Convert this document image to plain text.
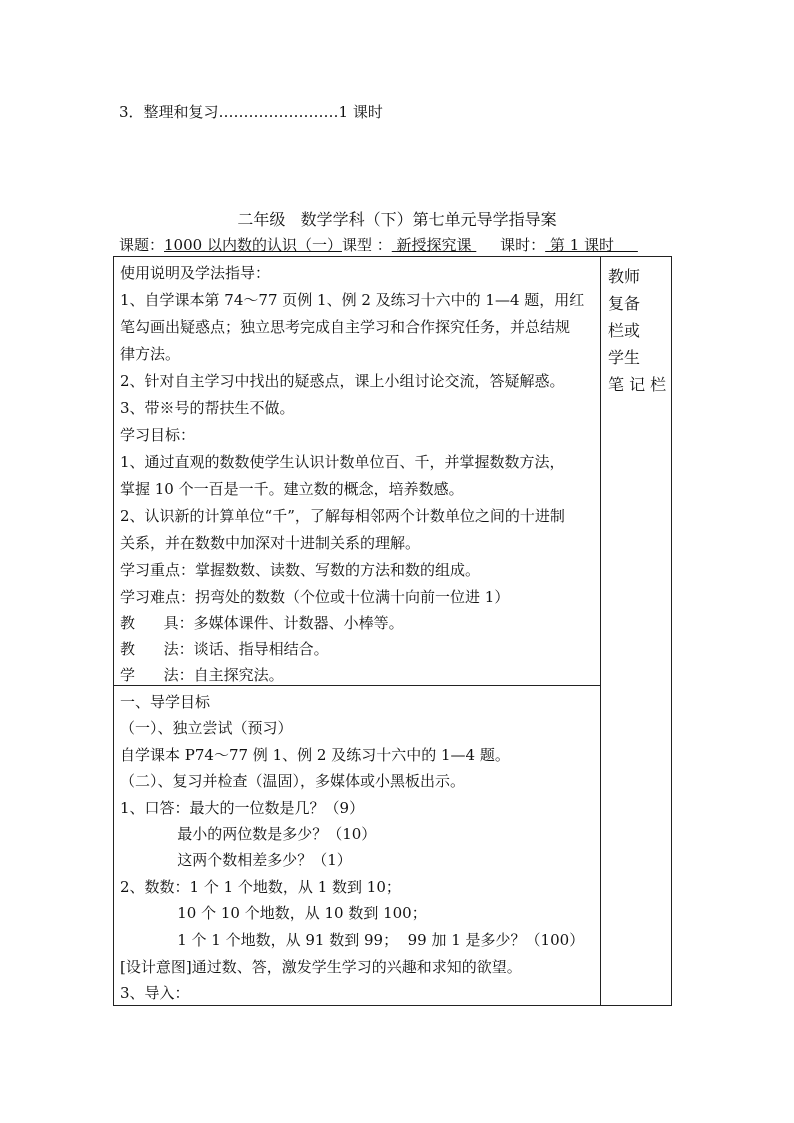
3．整理和复习……………………1 课时
二年级   数学学科（下）第七单元导学指导案
课题：1000 以内数的认识（一）课型 ： 新授探究课      课时： 第 1 课时
教师
复备
栏或
学生
笔 记 栏
使用说明及学法指导：
1、自学课本第 74～77 页例 1、例 2 及练习十六中的 1—4 题，用红
笔勾画出疑惑点；独立思考完成自主学习和合作探究任务，并总结规
律方法。
2、针对自主学习中找出的疑惑点，课上小组讨论交流，答疑解惑。
3、带※号的帮扶生不做。
学习目标：
1、通过直观的数数使学生认识计数单位百、千，并掌握数数方法，
掌握 10 个一百是一千。建立数的概念，培养数感。
2、认识新的计算单位“千”，了解每相邻两个计数单位之间的十进制
关系，并在数数中加深对十进制关系的理解。
学习重点：掌握数数、读数、写数的方法和数的组成。
学习难点：拐弯处的数数（个位或十位满十向前一位进 1）
教      具：多媒体课件、计数器、小棒等。
教      法：谈话、指导相结合。
学      法：自主探究法。
一、导学目标
（一）、独立尝试（预习）
自学课本 P74～77 例 1、例 2 及练习十六中的 1—4 题。
（二）、复习并检查（温固），多媒体或小黑板出示。
1、口答：最大的一位数是几？（9）
最小的两位数是多少？（10）
这两个数相差多少？（1）
2、数数：1 个 1 个地数，从 1 数到 10；
10 个 10 个地数，从 10 数到 100；
1 个 1 个地数，从 91 数到 99；  99 加 1 是多少？（100）
[设计意图]通过数、答，激发学生学习的兴趣和求知的欲望。
3、导入：
